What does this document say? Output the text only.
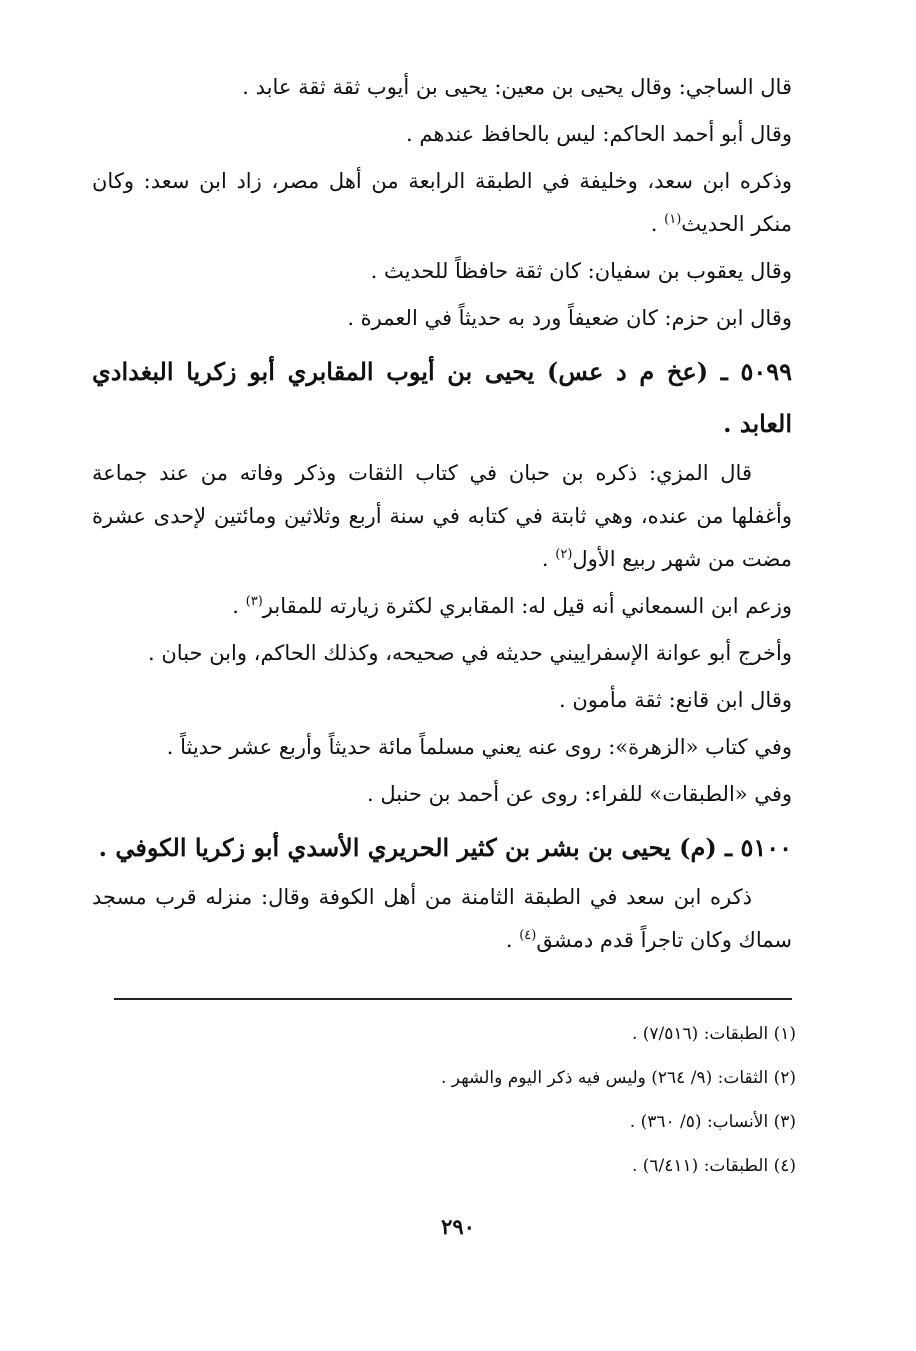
قال الساجي: وقال يحيى بن معين: يحيى بن أيوب ثقة ثقة عابد .

وقال أبو أحمد الحاكم: ليس بالحافظ عندهم .

وذكره ابن سعد، وخليفة في الطبقة الرابعة من أهل مصر، زاد ابن سعد: وكان منكر الحديث$^{(١)}$ .

وقال يعقوب بن سفيان: كان ثقة حافظاً للحديث .

وقال ابن حزم: كان ضعيفاً ورد به حديثاً في العمرة .

٥٠٩٩ ـ (عخ م د عس) يحيى بن أيوب المقابري أبو زكريا البغدادي العابد .

قال المزي: ذكره بن حبان في كتاب الثقات وذكر وفاته من عند جماعة وأغفلها من عنده، وهي ثابتة في كتابه في سنة أربع وثلاثين ومائتين لإحدى عشرة مضت من شهر ربيع الأول$^{(٢)}$ .

وزعم ابن السمعاني أنه قيل له: المقابري لكثرة زيارته للمقابر$^{(٣)}$ .

وأخرج أبو عوانة الإسفراييني حديثه في صحيحه، وكذلك الحاكم، وابن حبان .

وقال ابن قانع: ثقة مأمون .

وفي كتاب «الزهرة»: روى عنه يعني مسلماً مائة حديثاً وأربع عشر حديثاً .

وفي «الطبقات» للفراء: روى عن أحمد بن حنبل .

٥١٠٠ ـ (م) يحيى بن بشر بن كثير الحريري الأسدي أبو زكريا الكوفي .

ذكره ابن سعد في الطبقة الثامنة من أهل الكوفة وقال: منزله قرب مسجد سماك وكان تاجراً قدم دمشق$^{(٤)}$ .

(١) الطبقات: (٧/٥١٦) .

(٢) الثقات: (٩/ ٢٦٤) وليس فيه ذكر اليوم والشهر .

(٣) الأنساب: (٥/ ٣٦٠) .

(٤) الطبقات: (٦/٤١١) .

٢٩٠
